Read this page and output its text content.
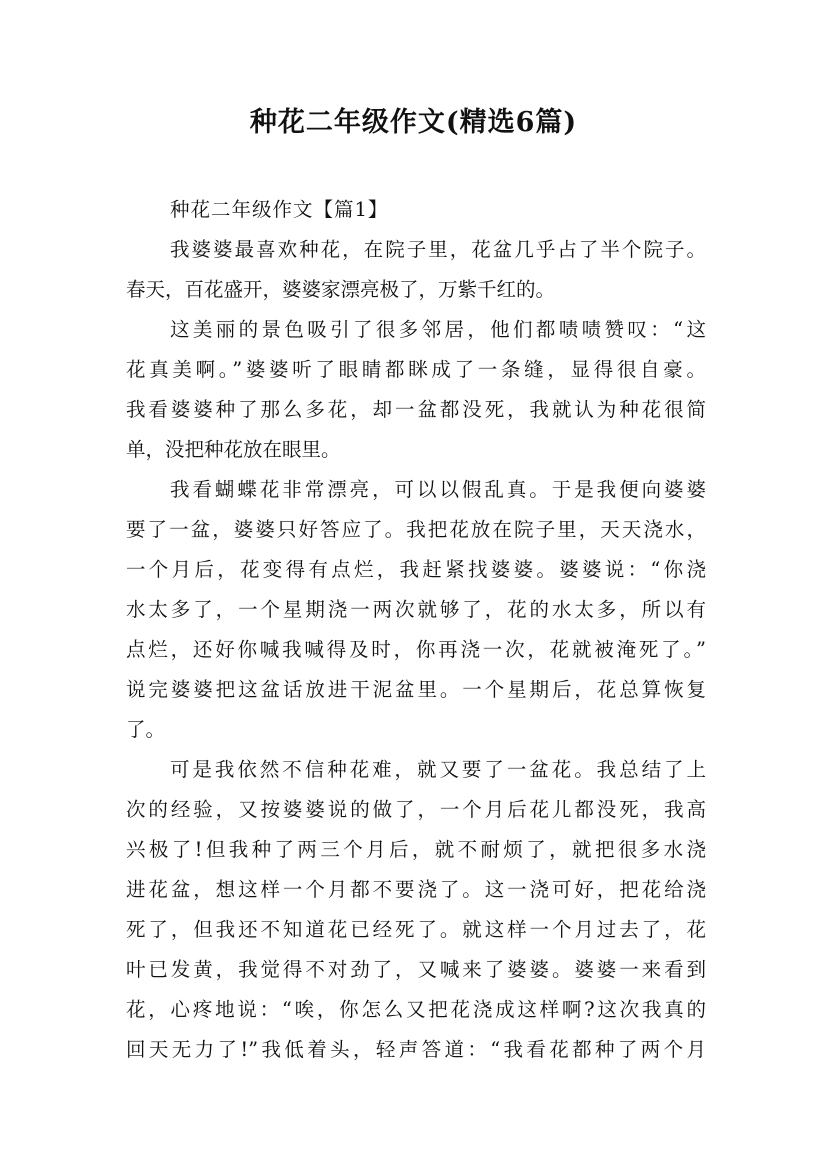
种花二年级作文(精选6篇)

种花二年级作文【篇1】

我婆婆最喜欢种花，在院子里，花盆几乎占了半个院子。
春天，百花盛开，婆婆家漂亮极了，万紫千红的。
这美丽的景色吸引了很多邻居，他们都啧啧赞叹：“这
花真美啊。”婆婆听了眼睛都眯成了一条缝，显得很自豪。
我看婆婆种了那么多花，却一盆都没死，我就认为种花很简
单，没把种花放在眼里。
我看蝴蝶花非常漂亮，可以以假乱真。于是我便向婆婆
要了一盆，婆婆只好答应了。我把花放在院子里，天天浇水，
一个月后，花变得有点烂，我赶紧找婆婆。婆婆说：“你浇
水太多了，一个星期浇一两次就够了，花的水太多，所以有
点烂，还好你喊我喊得及时，你再浇一次，花就被淹死了。”
说完婆婆把这盆话放进干泥盆里。一个星期后，花总算恢复
了。
可是我依然不信种花难，就又要了一盆花。我总结了上
次的经验，又按婆婆说的做了，一个月后花儿都没死，我高
兴极了!但我种了两三个月后，就不耐烦了，就把很多水浇
进花盆，想这样一个月都不要浇了。这一浇可好，把花给浇
死了，但我还不知道花已经死了。就这样一个月过去了，花
叶已发黄，我觉得不对劲了，又喊来了婆婆。婆婆一来看到
花，心疼地说：“唉，你怎么又把花浇成这样啊?这次我真的
回天无力了!”我低着头，轻声答道：“我看花都种了两个月
